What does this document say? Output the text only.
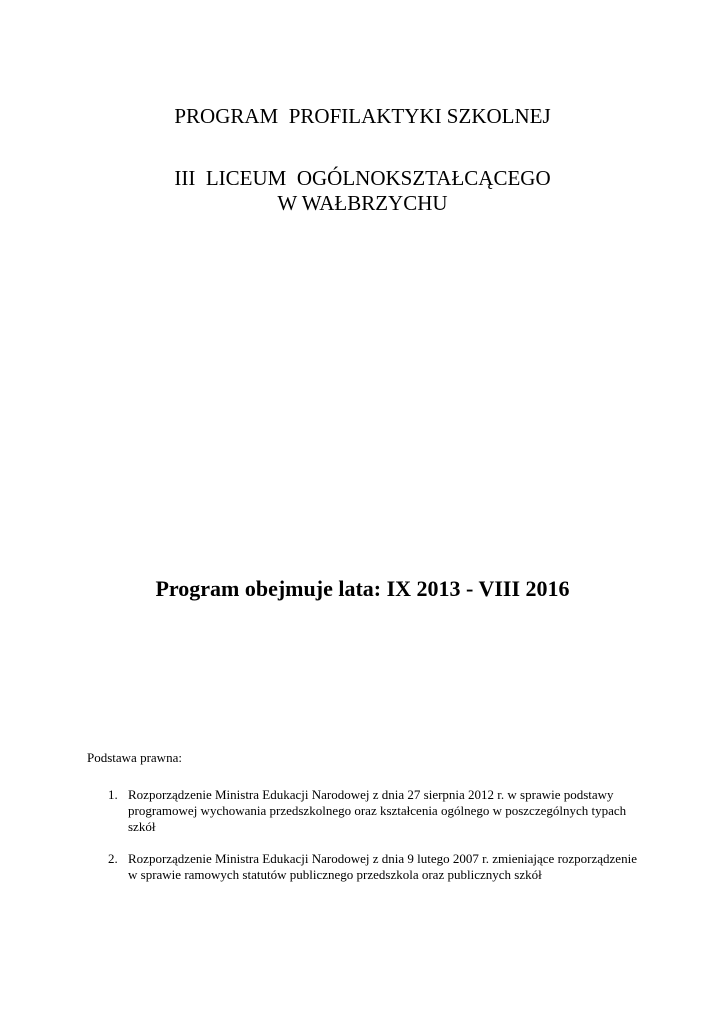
PROGRAM  PROFILAKTYKI SZKOLNEJ
III  LICEUM  OGÓLNOKSZTAŁCĄCEGO
W WAŁBRZYCHU
Program obejmuje lata: IX 2013 - VIII 2016
Podstawa prawna:
1. Rozporządzenie Ministra Edukacji Narodowej z dnia 27 sierpnia 2012 r. w sprawie podstawy programowej wychowania przedszkolnego oraz kształcenia ogólnego w poszczególnych typach szkół
2. Rozporządzenie Ministra Edukacji Narodowej z dnia 9 lutego 2007 r. zmieniające rozporządzenie w sprawie ramowych statutów publicznego przedszkola oraz publicznych szkół
